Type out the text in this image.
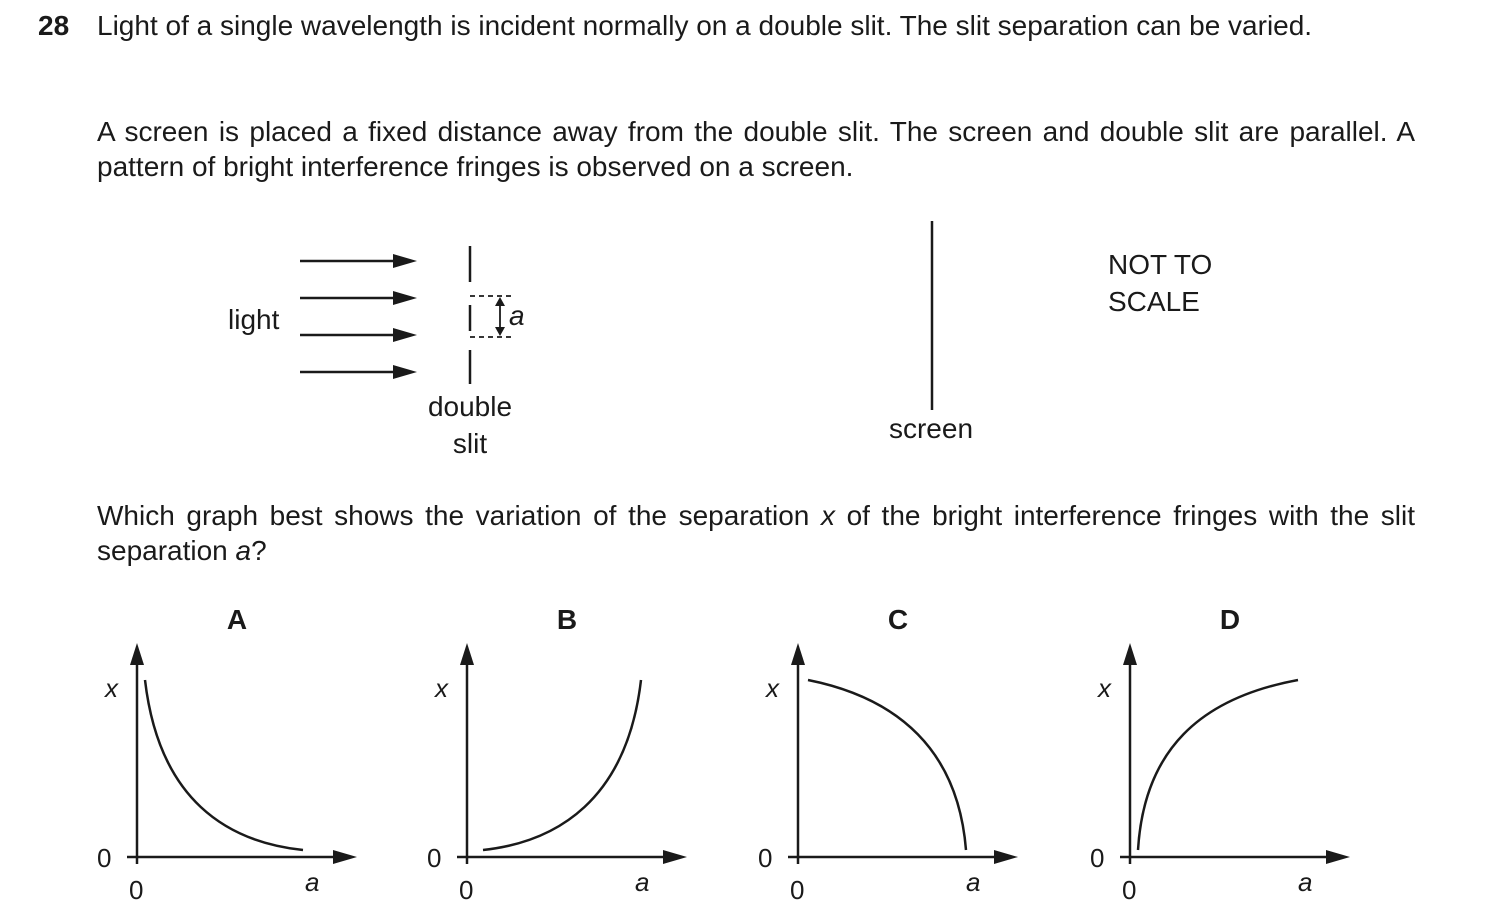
28 Light of a single wavelength is incident normally on a double slit. The slit separation can be varied.
A screen is placed a fixed distance away from the double slit. The screen and double slit are parallel. A pattern of bright interference fringes is observed on a screen.
Which graph best shows the variation of the separation x of the bright interference fringes with the slit separation a?
light	a
double
slit	screen
NOT TO
SCALE
A
x
a
0
0
B
x
a
0
0
C
x
a
0
0
D
x
a
0
0
